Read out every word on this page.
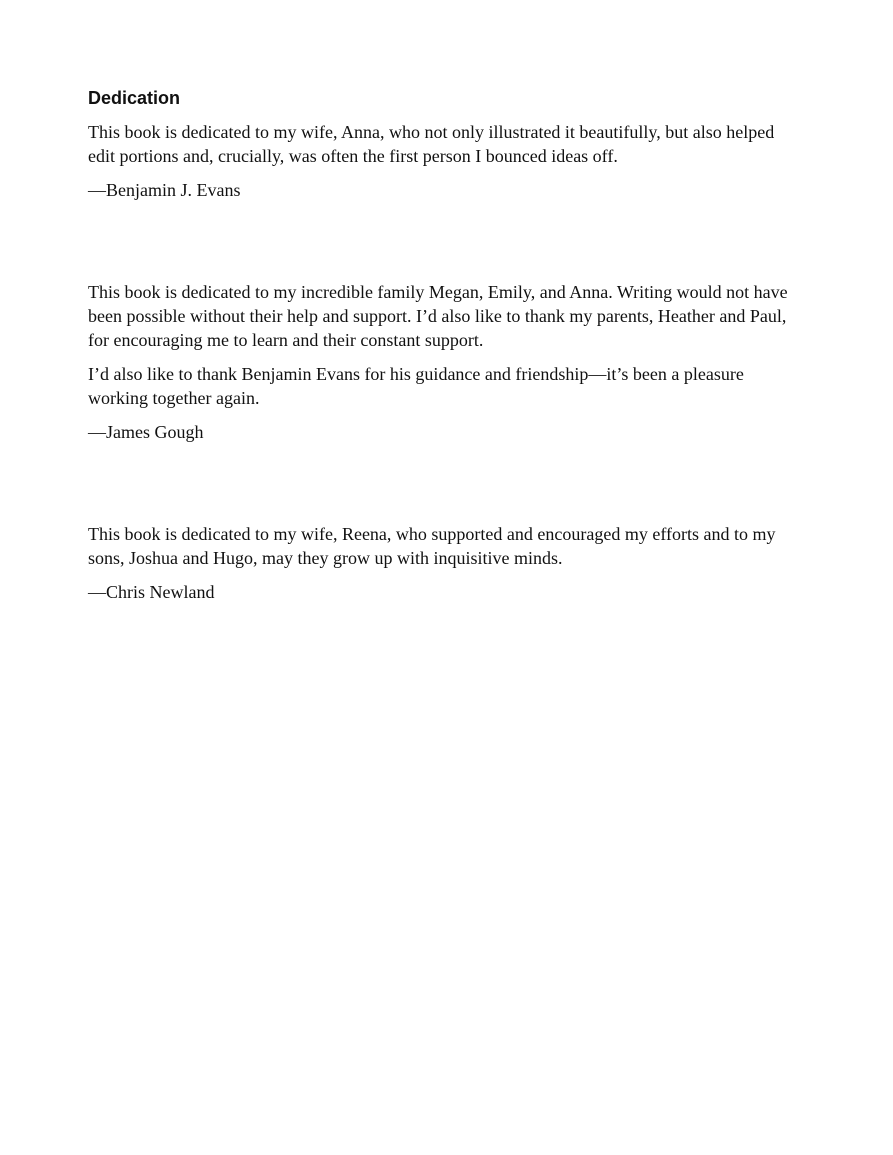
Dedication

This book is dedicated to my wife, Anna, who not only illustrated it beautifully, but also helped edit portions and, crucially, was often the first person I bounced ideas off.

—Benjamin J. Evans

This book is dedicated to my incredible family Megan, Emily, and Anna. Writing would not have been possible without their help and support. I’d also like to thank my parents, Heather and Paul, for encouraging me to learn and their constant support.

I’d also like to thank Benjamin Evans for his guidance and friendship—it’s been a pleasure working together again.

—James Gough

This book is dedicated to my wife, Reena, who supported and encouraged my efforts and to my sons, Joshua and Hugo, may they grow up with inquisitive minds.

—Chris Newland
